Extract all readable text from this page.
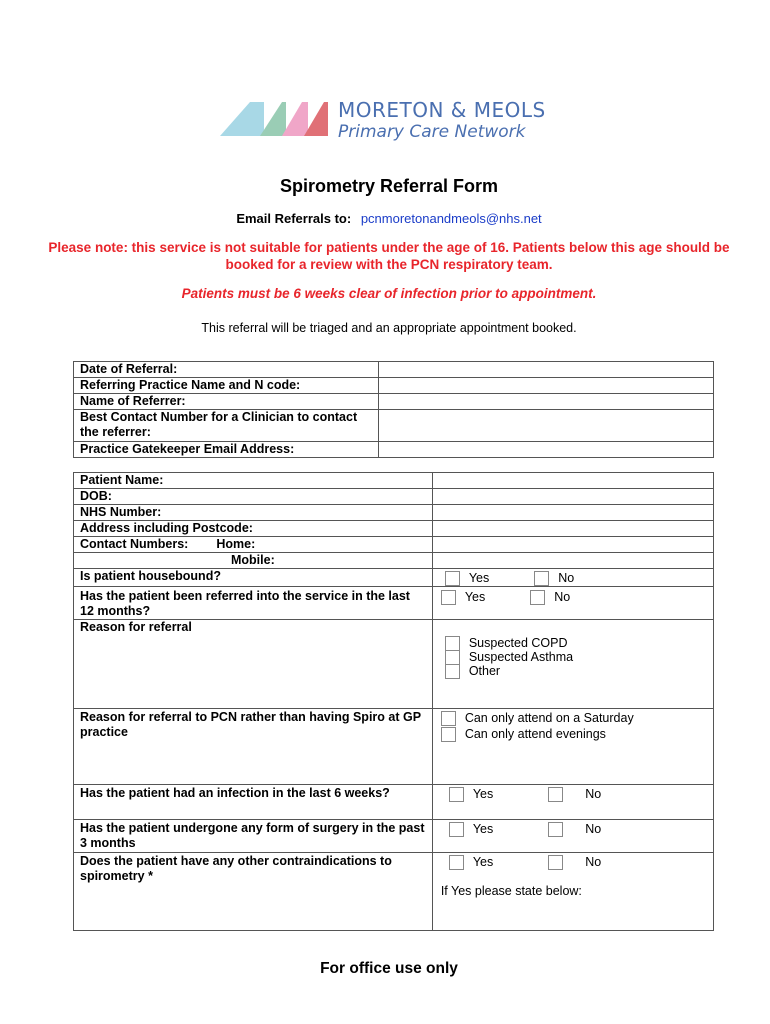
MORETON & MEOLS
Primary Care Network
Spirometry Referral Form
Email Referrals to: pcnmoretonandmeols@nhs.net
Please note: this service is not suitable for patients under the age of 16. Patients below this age should be booked for a review with the PCN respiratory team.
Patients must be 6 weeks clear of infection prior to appointment.
This referral will be triaged and an appropriate appointment booked.
Date of Referral:	
Referring Practice Name and N code:	
Name of Referrer:	
Best Contact Number for a Clinician to contact the referrer:	
Practice Gatekeeper Email Address:	
Patient Name:	
DOB:	
NHS Number:	
Address including Postcode:	
Contact Numbers: Home:	
Mobile:	
Is patient housebound?	Yes No

Has the patient been referred into the service in the last 12 months?	Yes No

Reason for referral	Suspected COPD
Suspected Asthma
Other

Reason for referral to PCN rather than having Spiro at GP practice	Can only attend on a Saturday
Can only attend evenings

Has the patient had an infection in the last 6 weeks?	Yes No

Has the patient undergone any form of surgery in the past 3 months	Yes No

Does the patient have any other contraindications to spirometry *	Yes No
If Yes please state below:
For office use only
